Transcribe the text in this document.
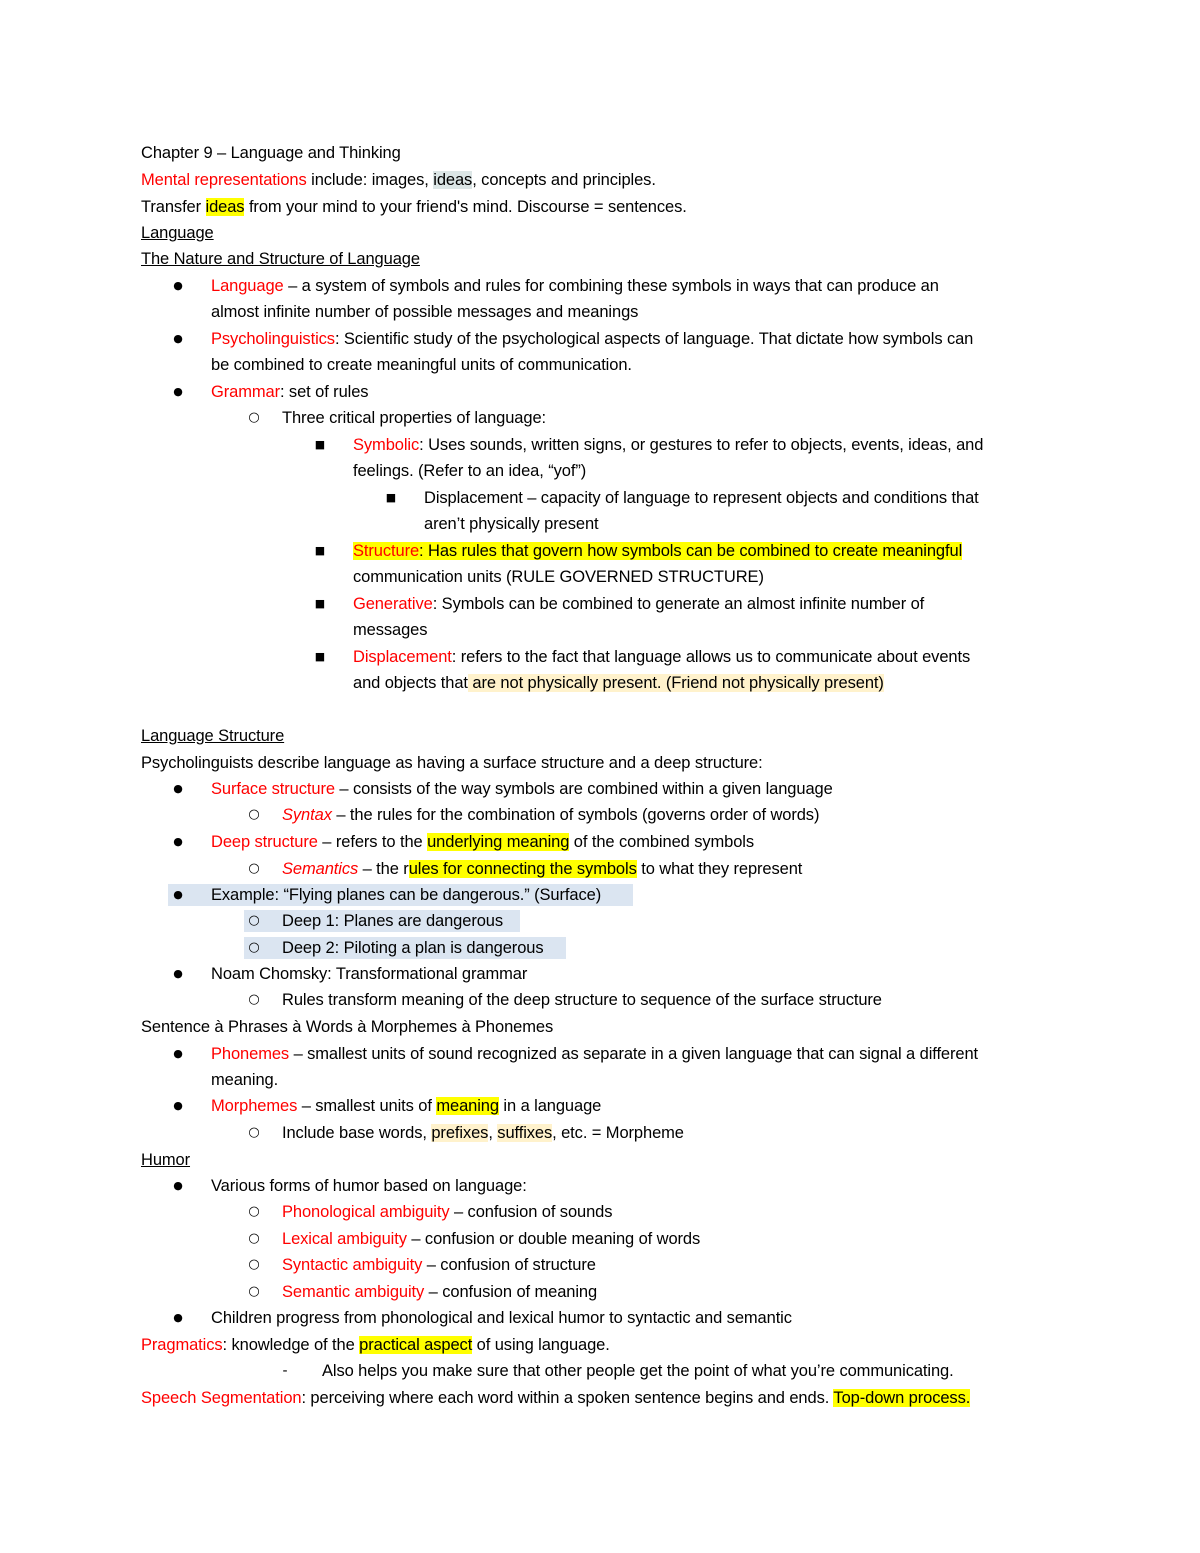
Chapter 9 – Language and Thinking
Mental representations include: images, ideas, concepts and principles.
Transfer ideas from your mind to your friend's mind. Discourse = sentences.
Language
The Nature and Structure of Language
●	Language – a system of symbols and rules for combining these symbols in ways that can produce an
almost infinite number of possible messages and meanings
●	Psycholinguistics: Scientific study of the psychological aspects of language. That dictate how symbols can
be combined to create meaningful units of communication.
●	Grammar: set of rules
○ Three critical properties of language:
■ Symbolic: Uses sounds, written signs, or gestures to refer to objects, events, ideas, and
feelings. (Refer to an idea, “yof”)
■ Displacement – capacity of language to represent objects and conditions that
aren’t physically present
■ Structure: Has rules that govern how symbols can be combined to create meaningful
communication units (RULE GOVERNED STRUCTURE)
■ Generative: Symbols can be combined to generate an almost infinite number of
messages
■ Displacement: refers to the fact that language allows us to communicate about events
and objects that are not physically present. (Friend not physically present)
Language Structure
Psycholinguists describe language as having a surface structure and a deep structure:
●	Surface structure – consists of the way symbols are combined within a given language
○ Syntax – the rules for the combination of symbols (governs order of words)
●	Deep structure – refers to the underlying meaning of the combined symbols
○ Semantics – the rules for connecting the symbols to what they represent
●	Example: “Flying planes can be dangerous.” (Surface)
○ Deep 1: Planes are dangerous
○ Deep 2: Piloting a plan is dangerous
●	Noam Chomsky: Transformational grammar
○ Rules transform meaning of the deep structure to sequence of the surface structure
Sentence à Phrases à Words à Morphemes à Phonemes
●	Phonemes – smallest units of sound recognized as separate in a given language that can signal a different
meaning.
●	Morphemes – smallest units of meaning in a language
○ Include base words, prefixes, suffixes, etc. = Morpheme
Humor
●	Various forms of humor based on language:
○ Phonological ambiguity – confusion of sounds
○ Lexical ambiguity – confusion or double meaning of words
○ Syntactic ambiguity – confusion of structure
○ Semantic ambiguity – confusion of meaning
●	Children progress from phonological and lexical humor to syntactic and semantic
Pragmatics: knowledge of the practical aspect of using language.
-	Also helps you make sure that other people get the point of what you’re communicating.
Speech Segmentation: perceiving where each word within a spoken sentence begins and ends. Top-down process.
